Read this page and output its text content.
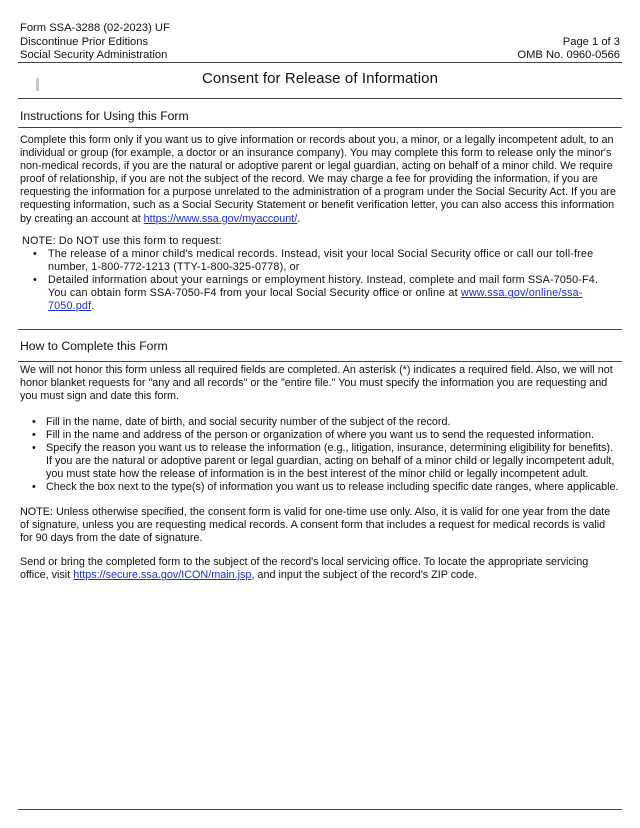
Form SSA-3288 (02-2023) UF
Discontinue Prior Editions	Page 1 of 3
Social Security Administration	OMB No. 0960-0566
Consent for Release of Information
Instructions for Using this Form

Complete this form only if you want us to give information or records about you, a minor, or a legally incompetent adult, to an individual or group (for example, a doctor or an insurance company). You may complete this form to release only the minor's non-medical records, if you are the natural or adoptive parent or legal guardian, acting on behalf of a minor child. We require proof of relationship, if you are not the subject of the record. We may charge a fee for providing the information, if you are requesting the information for a purpose unrelated to the administration of a program under the Social Security Act. If you are requesting information, such as a Social Security Statement or benefit verification letter, you can also access this information by creating an account at https://www.ssa.gov/myaccount/.

NOTE: Do NOT use this form to request:
• The release of a minor child's medical records. Instead, visit your local Social Security office or call our toll-free number, 1-800-772-1213 (TTY-1-800-325-0778), or
• Detailed information about your earnings or employment history. Instead, complete and mail form SSA-7050-F4. You can obtain form SSA-7050-F4 from your local Social Security office or online at www.ssa.gov/online/ssa-7050.pdf.
How to Complete this Form

We will not honor this form unless all required fields are completed. An asterisk (*) indicates a required field. Also, we will not honor blanket requests for "any and all records" or the "entire file." You must specify the information you are requesting and you must sign and date this form.

• Fill in the name, date of birth, and social security number of the subject of the record.
• Fill in the name and address of the person or organization of where you want us to send the requested information.
• Specify the reason you want us to release the information (e.g., litigation, insurance, determining eligibility for benefits). If you are the natural or adoptive parent or legal guardian, acting on behalf of a minor child or legally incompetent adult, you must state how the release of information is in the best interest of the minor child or legally incompetent adult.
• Check the box next to the type(s) of information you want us to release including specific date ranges, where applicable.

NOTE: Unless otherwise specified, the consent form is valid for one-time use only. Also, it is valid for one year from the date of signature, unless you are requesting medical records. A consent form that includes a request for medical records is valid for 90 days from the date of signature.

Send or bring the completed form to the subject of the record's local servicing office. To locate the appropriate servicing office, visit https://secure.ssa.gov/ICON/main.jsp, and input the subject of the record's ZIP code.
